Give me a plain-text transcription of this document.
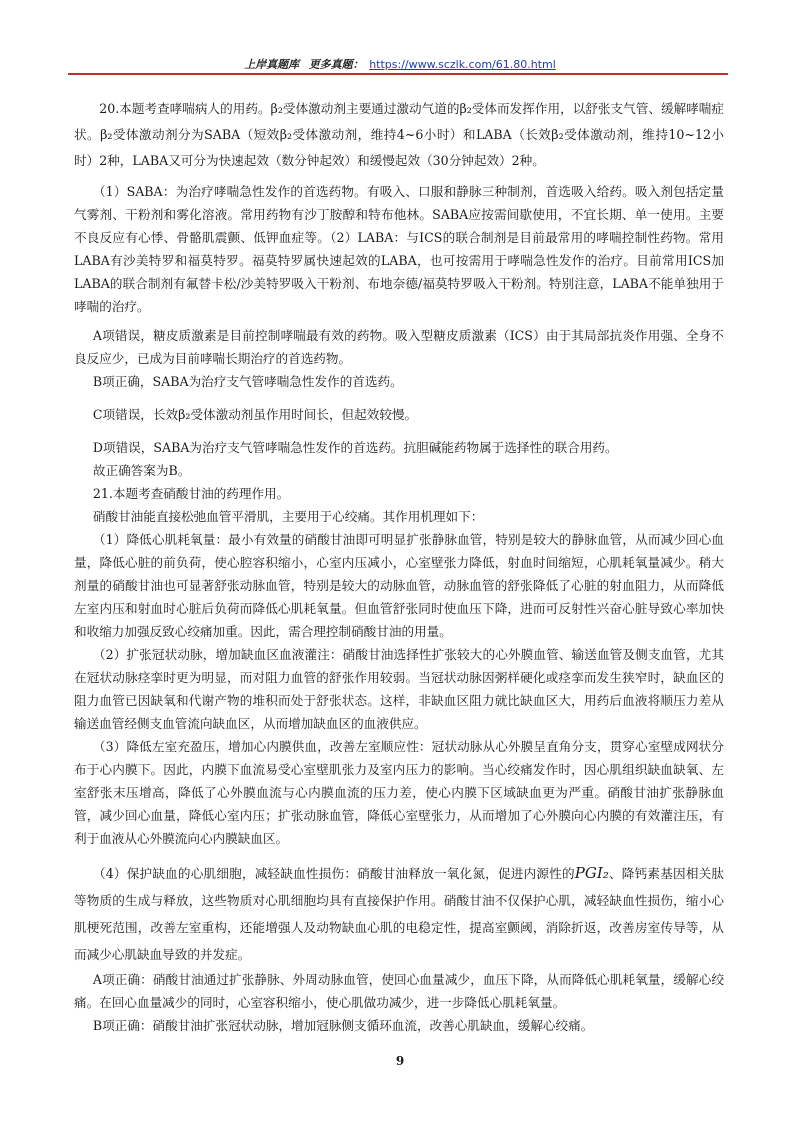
上岸真题库 更多真题： https://www.sczlk.com/61.80.html

20.本题考查哮喘病人的用药。β₂受体激动剂主要通过激动气道的β₂受体而发挥作用，以舒张支气管、缓解哮喘症状。β₂受体激动剂分为SABA（短效β₂受体激动剂，维持4~6小时）和LABA（长效β₂受体激动剂，维持10~12小时）2种，LABA又可分为快速起效（数分钟起效）和缓慢起效（30分钟起效）2种。

（1）SABA：为治疗哮喘急性发作的首选药物。有吸入、口服和静脉三种制剂，首选吸入给药。吸入剂包括定量气雾剂、干粉剂和雾化溶液。常用药物有沙丁胺醇和特布他林。SABA应按需间歇使用，不宜长期、单一使用。主要不良反应有心悸、骨骼肌震颤、低钾血症等。（2）LABA：与ICS的联合制剂是目前最常用的哮喘控制性药物。常用LABA有沙美特罗和福莫特罗。福莫特罗属快速起效的LABA，也可按需用于哮喘急性发作的治疗。目前常用ICS加LABA的联合制剂有氟替卡松/沙美特罗吸入干粉剂、布地奈德/福莫特罗吸入干粉剂。特别注意，LABA不能单独用于哮喘的治疗。

A项错误，糖皮质激素是目前控制哮喘最有效的药物。吸入型糖皮质激素（ICS）由于其局部抗炎作用强、全身不良反应少，已成为目前哮喘长期治疗的首选药物。

B项正确，SABA为治疗支气管哮喘急性发作的首选药。

C项错误，长效β₂受体激动剂虽作用时间长，但起效较慢。

D项错误，SABA为治疗支气管哮喘急性发作的首选药。抗胆碱能药物属于选择性的联合用药。

故正确答案为B。

21.本题考查硝酸甘油的药理作用。

硝酸甘油能直接松弛血管平滑肌，主要用于心绞痛。其作用机理如下：

（1）降低心肌耗氧量：最小有效量的硝酸甘油即可明显扩张静脉血管，特别是较大的静脉血管，从而减少回心血量，降低心脏的前负荷，使心腔容积缩小，心室内压减小，心室壁张力降低，射血时间缩短，心肌耗氧量减少。稍大剂量的硝酸甘油也可显著舒张动脉血管，特别是较大的动脉血管，动脉血管的舒张降低了心脏的射血阻力，从而降低左室内压和射血时心脏后负荷而降低心肌耗氧量。但血管舒张同时使血压下降，进而可反射性兴奋心脏导致心率加快和收缩力加强反致心绞痛加重。因此，需合理控制硝酸甘油的用量。

（2）扩张冠状动脉，增加缺血区血液灌注：硝酸甘油选择性扩张较大的心外膜血管、输送血管及侧支血管，尤其在冠状动脉痉挛时更为明显，而对阻力血管的舒张作用较弱。当冠状动脉因粥样硬化或痉挛而发生狭窄时，缺血区的阻力血管已因缺氧和代谢产物的堆积而处于舒张状态。这样，非缺血区阻力就比缺血区大，用药后血液将顺压力差从输送血管经侧支血管流向缺血区，从而增加缺血区的血液供应。

（3）降低左室充盈压，增加心内膜供血，改善左室顺应性：冠状动脉从心外膜呈直角分支，贯穿心室壁成网状分布于心内膜下。因此，内膜下血流易受心室壁肌张力及室内压力的影响。当心绞痛发作时，因心肌组织缺血缺氧、左室舒张末压增高，降低了心外膜血流与心内膜血流的压力差，使心内膜下区域缺血更为严重。硝酸甘油扩张静脉血管，减少回心血量，降低心室内压；扩张动脉血管，降低心室壁张力，从而增加了心外膜向心内膜的有效灌注压，有利于血液从心外膜流向心内膜缺血区。

（4）保护缺血的心肌细胞，减轻缺血性损伤：硝酸甘油释放一氧化氮，促进内源性的PGI₂、降钙素基因相关肽等物质的生成与释放，这些物质对心肌细胞均具有直接保护作用。硝酸甘油不仅保护心肌，减轻缺血性损伤，缩小心肌梗死范围，改善左室重构，还能增强人及动物缺血心肌的电稳定性，提高室颤阈，消除折返，改善房室传导等，从而减少心肌缺血导致的并发症。

A项正确：硝酸甘油通过扩张静脉、外周动脉血管，使回心血量减少，血压下降，从而降低心肌耗氧量，缓解心绞痛。在回心血量减少的同时，心室容积缩小，使心肌做功减少，进一步降低心肌耗氧量。

B项正确：硝酸甘油扩张冠状动脉，增加冠脉侧支循环血流，改善心肌缺血，缓解心绞痛。

9
